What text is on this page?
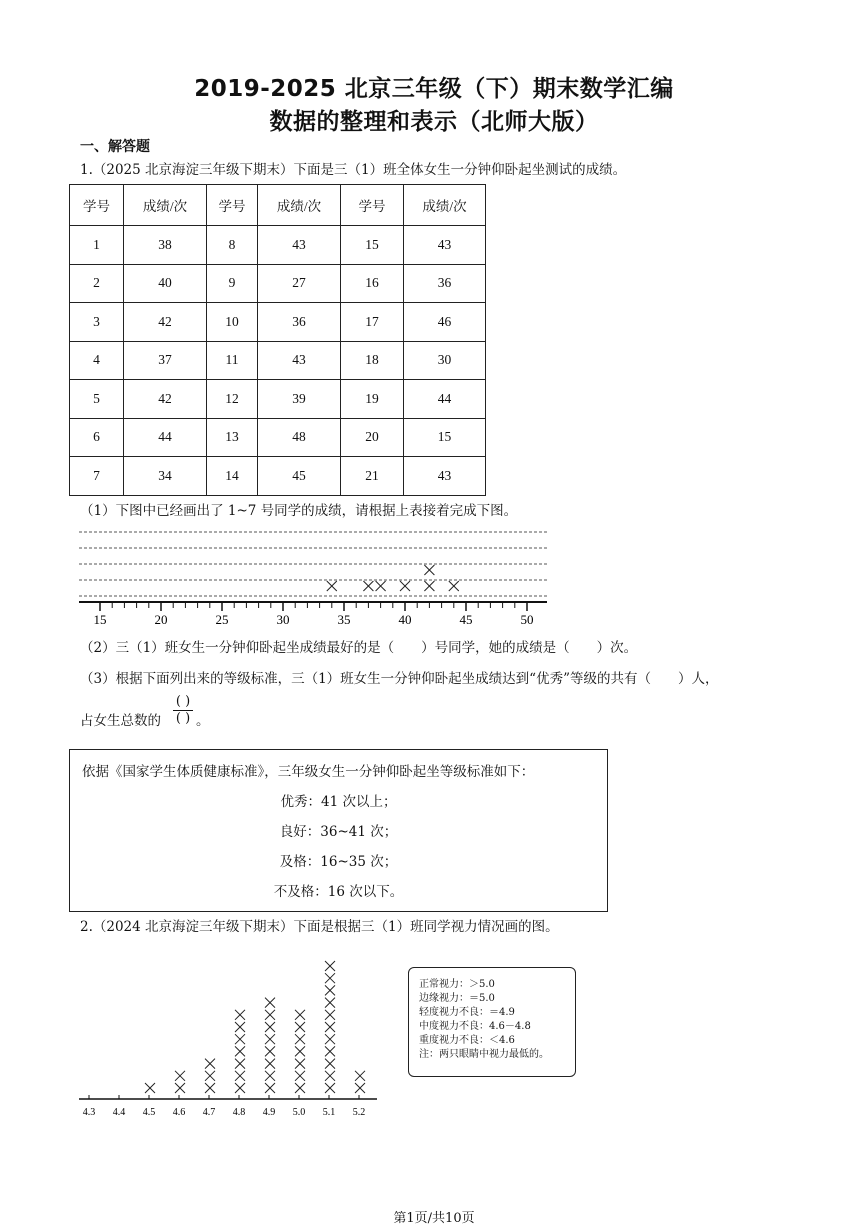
2019-2025 北京三年级（下）期末数学汇编
数据的整理和表示（北师大版）
一、解答题
1.（2025 北京海淀三年级下期末）下面是三（1）班全体女生一分钟仰卧起坐测试的成绩。
学号	成绩/次	学号	成绩/次	学号	成绩/次
1	38	8	43	15	43
2	40	9	27	16	36
3	42	10	36	17	46
4	37	11	43	18	30
5	42	12	39	19	44
6	44	13	48	20	15
7	34	14	45	21	43
（1）下图中已经画出了 1~7 号同学的成绩，请根据上表接着完成下图。
15	20	25	30	35	40	45	50
（2）三（1）班女生一分钟仰卧起坐成绩最好的是（　　）号同学，她的成绩是（　　）次。
（3）根据下面列出来的等级标准，三（1）班女生一分钟仰卧起坐成绩达到“优秀”等级的共有（　　）人，
占女生总数的
( )
( ) 。
依据《国家学生体质健康标准》，三年级女生一分钟仰卧起坐等级标准如下：
优秀：41 次以上；
良好：36~41 次；
及格：16~35 次；
不及格：16 次以下。
2.（2024 北京海淀三年级下期末）下面是根据三（1）班同学视力情况画的图。
4.3 4.4 4.5 4.6 4.7 4.8 4.9 5.0 5.1 5.2
正常视力：＞5.0
边缘视力：＝5.0
轻度视力不良：＝4.9
中度视力不良：4.6－4.8
重度视力不良：＜4.6
注：两只眼睛中视力最低的。
第1页/共10页
